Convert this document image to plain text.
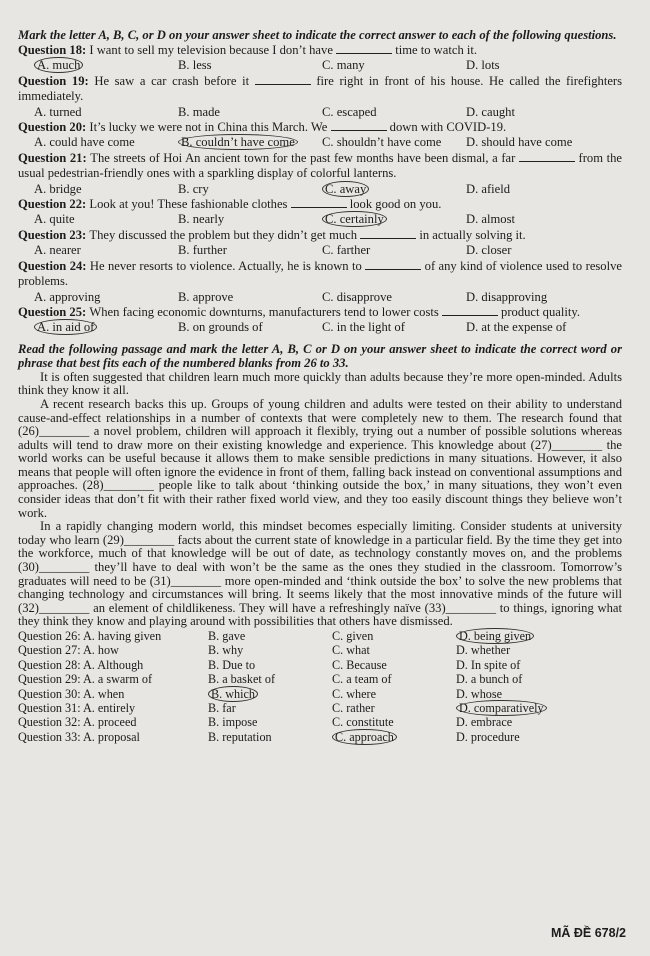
Mark the letter A, B, C, or D on your answer sheet to indicate the correct answer to each of the following questions.

Question 18: I want to sell my television because I don’t have	time to watch it.
A. much	B. less	C. many	D. lots
Question 19: He saw a car crash before it	fire right in front of his house. He called the firefighters immediately.
A. turned	B. made	C. escaped	D. caught
Question 20: It’s lucky we were not in China this March. We	down with COVID-19.
A. could have come	B. couldn’t have come	C. shouldn’t have come	D. should have come
Question 21: The streets of Hoi An ancient town for the past few months have been dismal, a far	from the usual pedestrian-friendly ones with a sparkling display of colorful lanterns.
A. bridge	B. cry	C. away	D. afield
Question 22: Look at you! These fashionable clothes	look good on you.
A. quite	B. nearly	C. certainly	D. almost
Question 23: They discussed the problem but they didn’t get much	in actually solving it.
A. nearer	B. further	C. farther	D. closer
Question 24: He never resorts to violence. Actually, he is known to	of any kind of violence used to resolve problems.
A. approving	B. approve	C. disapprove	D. disapproving
Question 25: When facing economic downturns, manufacturers tend to lower costs	product quality.
A. in aid of	B. on grounds of	C. in the light of	D. at the expense of

Read the following passage and mark the letter A, B, C or D on your answer sheet to indicate the correct word or phrase that best fits each of the numbered blanks from 26 to 33.

It is often suggested that children learn much more quickly than adults because they’re more open-minded. Adults think they know it all.

A recent research backs this up. Groups of young children and adults were tested on their ability to understand cause-and-effect relationships in a number of contexts that were completely new to them. The research found that (26)________ a novel problem, children will approach it flexibly, trying out a number of possible solutions whereas adults will tend to draw more on their existing knowledge and experience. This knowledge about (27)________ the world works can be useful because it allows them to make sensible predictions in many situations. However, it also means that people will often ignore the evidence in front of them, falling back instead on conventional assumptions and approaches. (28)________ people like to talk about ‘thinking outside the box,’ in many situations, they won’t even consider ideas that don’t fit with their rather fixed world view, and they too easily discount things they believe won’t work.

In a rapidly changing modern world, this mindset becomes especially limiting. Consider students at university today who learn (29)________ facts about the current state of knowledge in a particular field. By the time they get into the workforce, much of that knowledge will be out of date, as technology constantly moves on, and the problems (30)________ they’ll have to deal with won’t be the same as the ones they studied in the classroom. Tomorrow’s graduates will need to be (31)________ more open-minded and ‘think outside the box’ to solve the new problems that changing technology and circumstances will bring. It seems likely that the most innovative minds of the future will (32)________ an element of childlikeness. They will have a refreshingly naïve (33)________ to things, ignoring what they think they know and playing around with possibilities that others have dismissed.

Question 26: A. having given	B. gave	C. given	D. being given
Question 27: A. how	B. why	C. what	D. whether
Question 28: A. Although	B. Due to	C. Because	D. In spite of
Question 29: A. a swarm of	B. a basket of	C. a team of	D. a bunch of
Question 30: A. when	B. which	C. where	D. whose
Question 31: A. entirely	B. far	C. rather	D. comparatively
Question 32: A. proceed	B. impose	C. constitute	D. embrace
Question 33: A. proposal	B. reputation	C. approach	D. procedure
MÃ ĐỀ 678/2
